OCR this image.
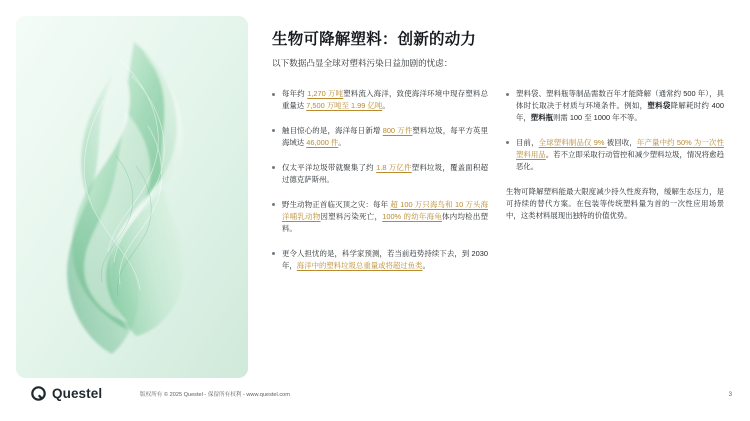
生物可降解塑料：创新的动力
以下数据凸显全球对塑料污染日益加剧的忧虑：
每年约 1,270 万吨塑料流入海洋，致使海洋环境中现存塑料总重量达 7,500 万吨至 1.99 亿吨。
触目惊心的是，海洋每日新增 800 万件塑料垃圾，每平方英里海域达 46,000 件。
仅太平洋垃圾带就聚集了约 1.8 万亿件塑料垃圾，覆盖面积超过德克萨斯州。
野生动物正首临灭顶之灾：每年 超 100 万只海鸟和 10 万头海洋哺乳动物因塑料污染死亡，100% 的幼年海龟体内均检出塑料。
更令人担忧的是，科学家预测，若当前趋势持续下去，到 2030 年，海洋中的塑料垃圾总重量或将超过鱼类。
塑料袋、塑料瓶等制品需数百年才能降解（通常约 500 年），具体时长取决于材质与环境条件。例如，塑料袋降解耗时约 400 年，塑料瓶则需 100 至 1000 年不等。
目前，全球塑料制品仅 9% 被回收，年产量中约 50% 为一次性塑料用品。若不立即采取行动管控和减少塑料垃圾，情况将愈趋恶化。
生物可降解塑料能最大限度减少持久性废弃物，缓解生态压力，是可持续的替代方案。在包装等传统塑料量为首的一次性应用场景中，这类材料展现出独特的价值优势。
Questel	版权所有 © 2025 Questel - 保留所有权利 - www.questel.com	3
